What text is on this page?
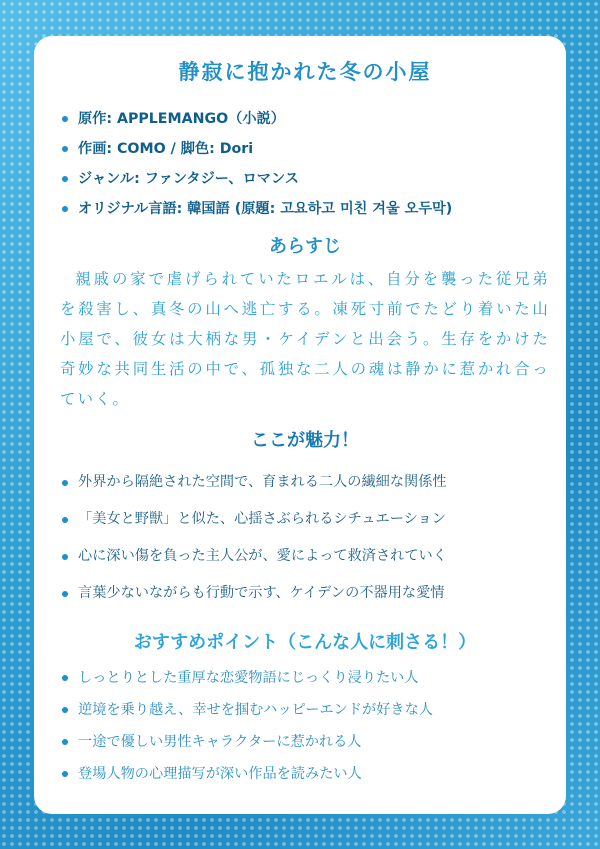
静寂に抱かれた冬の小屋
原作: APPLEMANGO（小説）
作画: COMO / 脚色: Dori
ジャンル: ファンタジー、ロマンス
オリジナル言語: 韓国語 (原題: 고요하고 미친 겨울 오두막)
あらすじ

親戚の家で虐げられていたロエルは、自分を襲った従兄弟を殺害し、真冬の山へ逃亡する。凍死寸前でたどり着いた山小屋で、彼女は大柄な男・ケイデンと出会う。生存をかけた奇妙な共同生活の中で、孤独な二人の魂は静かに惹かれ合っていく。

ここが魅力！
外界から隔絶された空間で、育まれる二人の繊細な関係性
「美女と野獣」と似た、心揺さぶられるシチュエーション
心に深い傷を負った主人公が、愛によって救済されていく
言葉少ないながらも行動で示す、ケイデンの不器用な愛情
おすすめポイント（こんな人に刺さる！）
しっとりとした重厚な恋愛物語にじっくり浸りたい人
逆境を乗り越え、幸せを掴むハッピーエンドが好きな人
一途で優しい男性キャラクターに惹かれる人
登場人物の心理描写が深い作品を読みたい人
